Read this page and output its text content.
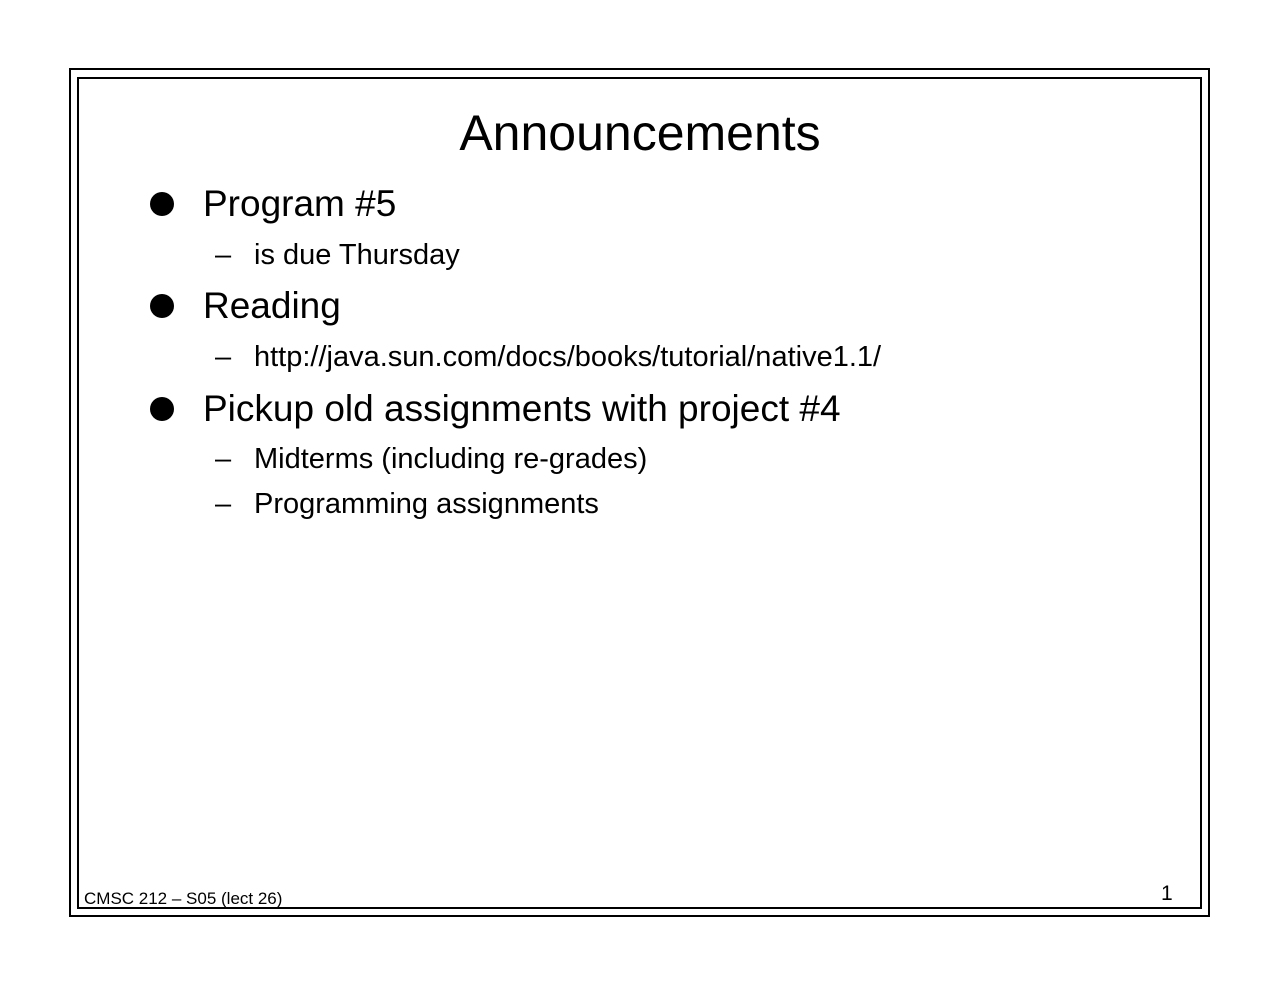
Announcements
Program #5
– is due Thursday
Reading
– http://java.sun.com/docs/books/tutorial/native1.1/
Pickup old assignments with project #4
– Midterms (including re-grades)
– Programming assignments
CMSC 212 – S05 (lect 26)	1
